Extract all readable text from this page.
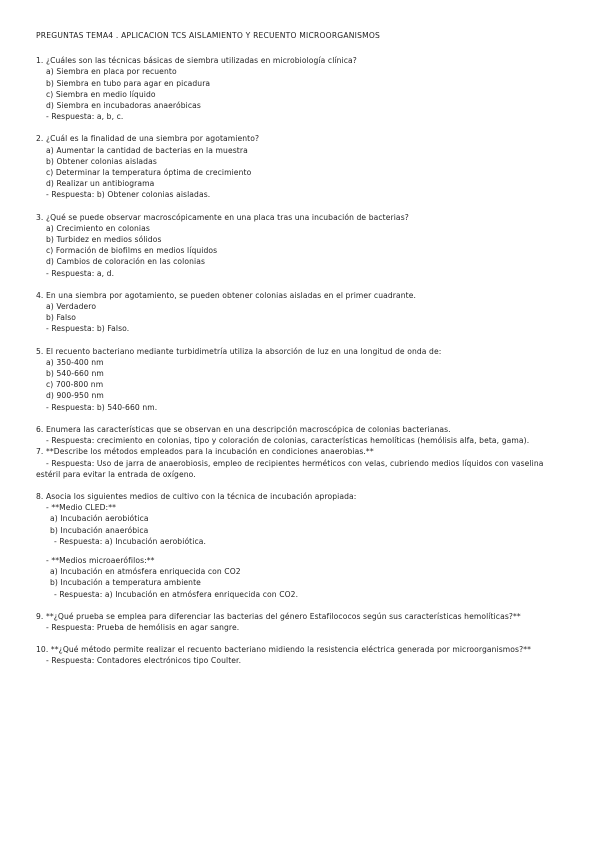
PREGUNTAS TEMA4 . APLICACION TCS AISLAMIENTO Y RECUENTO MICROORGANISMOS

1. ¿Cuáles son las técnicas básicas de siembra utilizadas en microbiología clínica?

a) Siembra en placa por recuento

b) Siembra en tubo para agar en picadura

c) Siembra en medio líquido

d) Siembra en incubadoras anaeróbicas

- Respuesta: a, b, c.

2. ¿Cuál es la finalidad de una siembra por agotamiento?

a) Aumentar la cantidad de bacterias en la muestra

b) Obtener colonias aisladas

c) Determinar la temperatura óptima de crecimiento

d) Realizar un antibiograma

- Respuesta: b) Obtener colonias aisladas.

3. ¿Qué se puede observar macroscópicamente en una placa tras una incubación de bacterias?

a) Crecimiento en colonias

b) Turbidez en medios sólidos

c) Formación de biofilms en medios líquidos

d) Cambios de coloración en las colonias

- Respuesta: a, d.

4. En una siembra por agotamiento, se pueden obtener colonias aisladas en el primer cuadrante.

a) Verdadero

b) Falso

- Respuesta: b) Falso.

5. El recuento bacteriano mediante turbidimetría utiliza la absorción de luz en una longitud de onda de:

a) 350-400 nm

b) 540-660 nm

c) 700-800 nm

d) 900-950 nm

- Respuesta: b) 540-660 nm.

6. Enumera las características que se observan en una descripción macroscópica de colonias bacterianas.

- Respuesta: crecimiento en colonias, tipo y coloración de colonias, características hemolíticas (hemólisis alfa, beta, gama).

7. **Describe los métodos empleados para la incubación en condiciones anaerobias.**

- Respuesta: Uso de jarra de anaerobiosis, empleo de recipientes herméticos con velas, cubriendo medios líquidos con vaselina

estéril para evitar la entrada de oxígeno.

8. Asocia los siguientes medios de cultivo con la técnica de incubación apropiada:

- **Medio CLED:**

a) Incubación aerobiótica

b) Incubación anaeróbica

- Respuesta: a) Incubación aerobiótica.

- **Medios microaerófilos:**

a) Incubación en atmósfera enriquecida con CO2

b) Incubación a temperatura ambiente

- Respuesta: a) Incubación en atmósfera enriquecida con CO2.

9. **¿Qué prueba se emplea para diferenciar las bacterias del género Estafilococos según sus características hemolíticas?**

- Respuesta: Prueba de hemólisis en agar sangre.

10. **¿Qué método permite realizar el recuento bacteriano midiendo la resistencia eléctrica generada por microorganismos?**

- Respuesta: Contadores electrónicos tipo Coulter.
